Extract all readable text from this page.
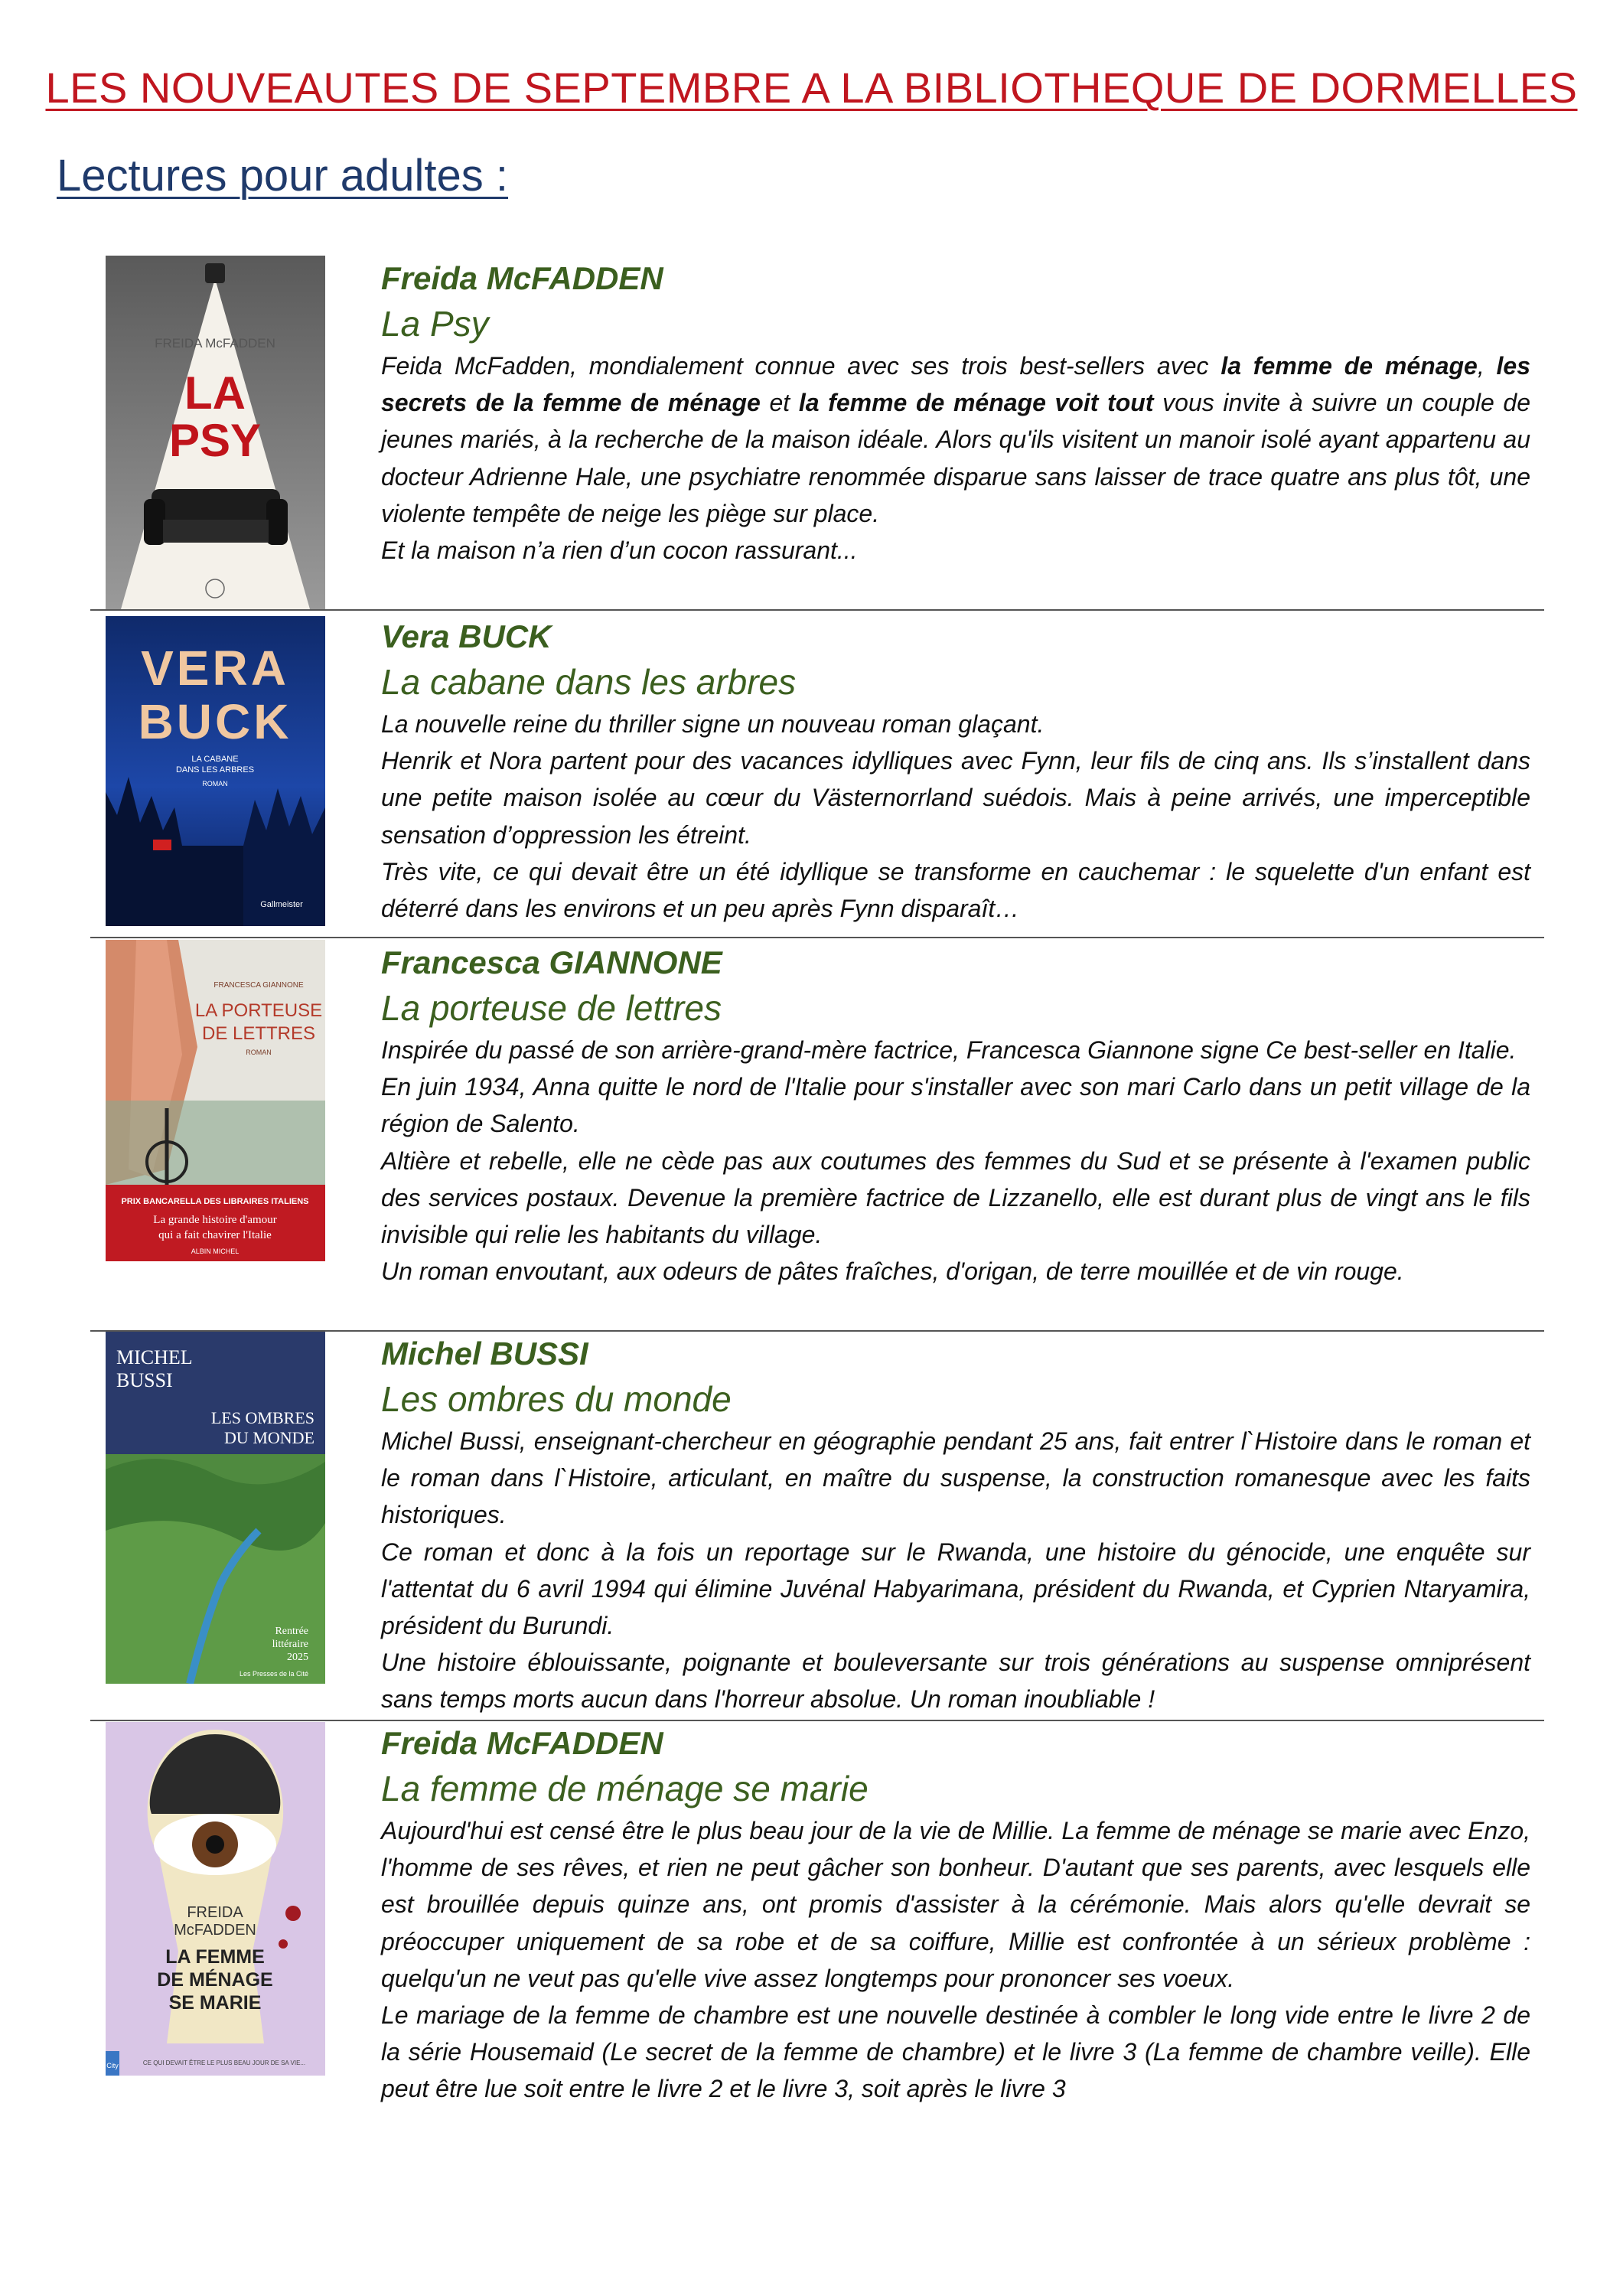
LES NOUVEAUTES DE SEPTEMBRE A LA BIBLIOTHEQUE DE DORMELLES
Lectures pour adultes :
FREIDA McFADDEN
LA
PSY
Freida McFADDEN
La Psy

Feida McFadden, mondialement connue avec ses trois best-sellers avec la femme de ménage, les secrets de la femme de ménage et la femme de ménage voit tout vous invite à suivre un couple de jeunes mariés, à la recherche de la maison idéale. Alors qu'ils visitent un manoir isolé ayant appartenu au docteur Adrienne Hale, une psychiatre renommée disparue sans laisser de trace quatre ans plus tôt, une violente tempête de neige les piège sur place.

Et la maison n’a rien d’un cocon rassurant...

VERA
BUCK
LA CABANE
DANS LES ARBRES
ROMAN
Gallmeister
Vera BUCK
La cabane dans les arbres

La nouvelle reine du thriller signe un nouveau roman glaçant.

Henrik et Nora partent pour des vacances idylliques avec Fynn, leur fils de cinq ans. Ils s’installent dans une petite maison isolée au cœur du Västernorrland suédois. Mais à peine arrivés, une imperceptible sensation d’oppression les étreint.

Très vite, ce qui devait être un été idyllique se transforme en cauchemar : le squelette d'un enfant est déterré dans les environs et un peu après Fynn disparaît…

FRANCESCA GIANNONE
LA PORTEUSE
DE LETTRES
ROMAN
PRIX BANCARELLA DES LIBRAIRES ITALIENS
La grande histoire d'amour
qui a fait chavirer l'Italie
ALBIN MICHEL
Francesca GIANNONE
La porteuse de lettres

Inspirée du passé de son arrière-grand-mère factrice, Francesca Giannone signe Ce best-seller en Italie.

En juin 1934, Anna quitte le nord de l'Italie pour s'installer avec son mari Carlo dans un petit village de la région de Salento.

Altière et rebelle, elle ne cède pas aux coutumes des femmes du Sud et se présente à l'examen public des services postaux. Devenue la première factrice de Lizzanello, elle est durant plus de vingt ans le fils invisible qui relie les habitants du village.

Un roman envoutant, aux odeurs de pâtes fraîches, d'origan, de terre mouillée et de vin rouge.

MICHEL
BUSSI
LES OMBRES
DU MONDE
Rentrée
littéraire
2025
Les Presses de la Cité
Michel BUSSI
Les ombres du monde

Michel Bussi, enseignant-chercheur en géographie pendant 25 ans, fait entrer l`Histoire dans le roman et le roman dans l`Histoire, articulant, en maître du suspense, la construction romanesque avec les faits historiques.

Ce roman et donc à la fois un reportage sur le Rwanda, une histoire du génocide, une enquête sur l'attentat du 6 avril 1994 qui élimine Juvénal Habyarimana, président du Rwanda, et Cyprien Ntaryamira, président du Burundi.

Une histoire éblouissante, poignante et bouleversante sur trois générations au suspense omniprésent sans temps morts aucun dans l'horreur absolue. Un roman inoubliable !

FREIDA
McFADDEN
LA FEMME
DE MÉNAGE
SE MARIE
City	CE QUI DEVAIT ÊTRE LE PLUS BEAU JOUR DE SA VIE...
Freida McFADDEN
La femme de ménage se marie

Aujourd'hui est censé être le plus beau jour de la vie de Millie. La femme de ménage se marie avec Enzo, l'homme de ses rêves, et rien ne peut gâcher son bonheur. D'autant que ses parents, avec lesquels elle est brouillée depuis quinze ans, ont promis d'assister à la cérémonie. Mais alors qu'elle devrait se préoccuper uniquement de sa robe et de sa coiffure, Millie est confrontée à un sérieux problème : quelqu'un ne veut pas qu'elle vive assez longtemps pour prononcer ses voeux.

Le mariage de la femme de chambre est une nouvelle destinée à combler le long vide entre le livre 2 de la série Housemaid (Le secret de la femme de chambre) et le livre 3 (La femme de chambre veille). Elle peut être lue soit entre le livre 2 et le livre 3, soit après le livre 3
